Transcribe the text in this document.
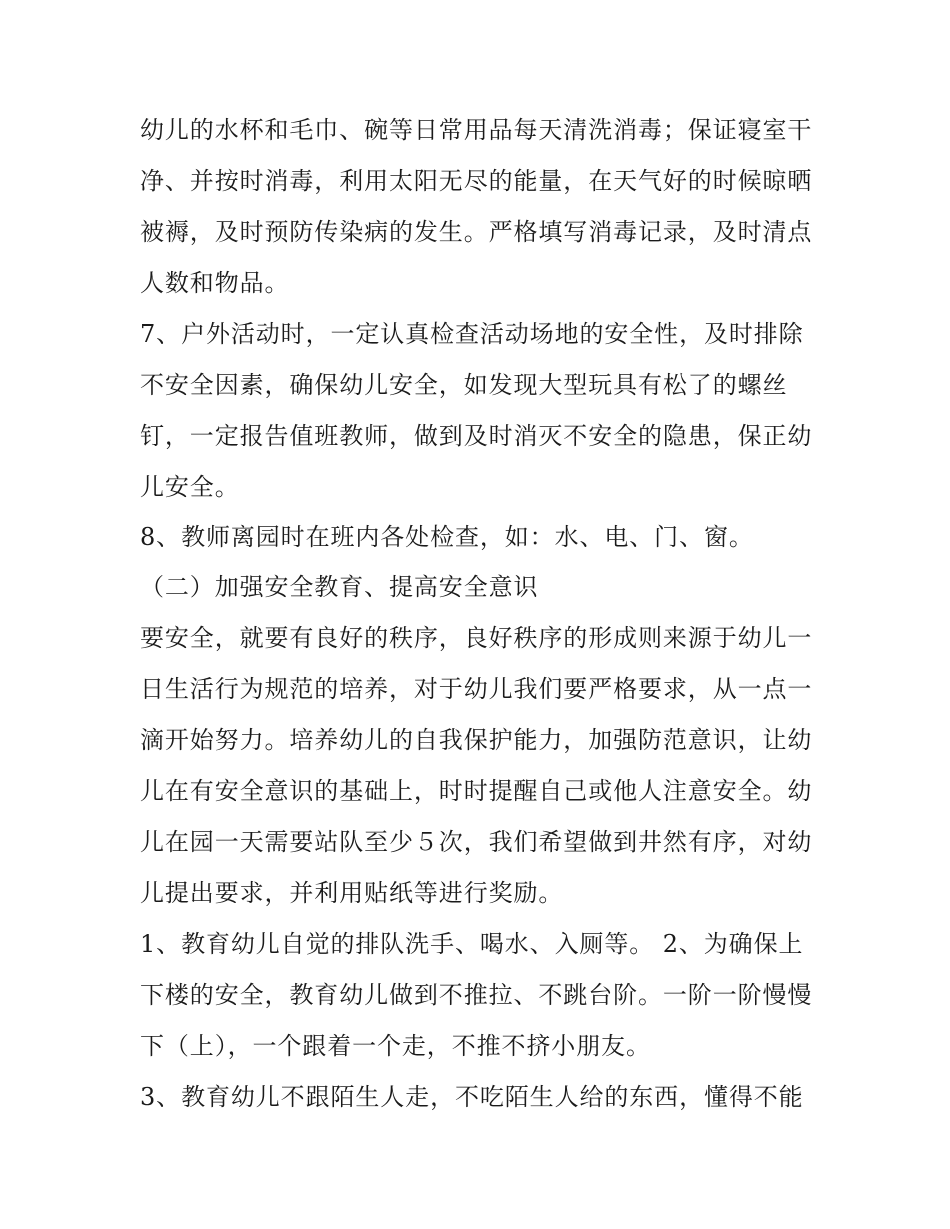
幼儿的水杯和毛巾、碗等日常用品每天清洗消毒；保证寝室干

净、并按时消毒，利用太阳无尽的能量，在天气好的时候晾晒

被褥，及时预防传染病的发生。严格填写消毒记录，及时清点

人数和物品。

7、户外活动时，一定认真检查活动场地的安全性，及时排除

不安全因素，确保幼儿安全，如发现大型玩具有松了的螺丝

钉，一定报告值班教师，做到及时消灭不安全的隐患，保正幼

儿安全。

8、教师离园时在班内各处检查，如：水、电、门、窗。

（二）加强安全教育、提高安全意识

要安全，就要有良好的秩序，良好秩序的形成则来源于幼儿一

日生活行为规范的培养，对于幼儿我们要严格要求，从一点一

滴开始努力。培养幼儿的自我保护能力，加强防范意识，让幼

儿在有安全意识的基础上，时时提醒自己或他人注意安全。幼

儿在园一天需要站队至少５次，我们希望做到井然有序，对幼

儿提出要求，并利用贴纸等进行奖励。

1、教育幼儿自觉的排队洗手、喝水、入厕等。 2、为确保上

下楼的安全，教育幼儿做到不推拉、不跳台阶。一阶一阶慢慢

下（上），一个跟着一个走，不推不挤小朋友。

3、教育幼儿不跟陌生人走，不吃陌生人给的东西，懂得不能
